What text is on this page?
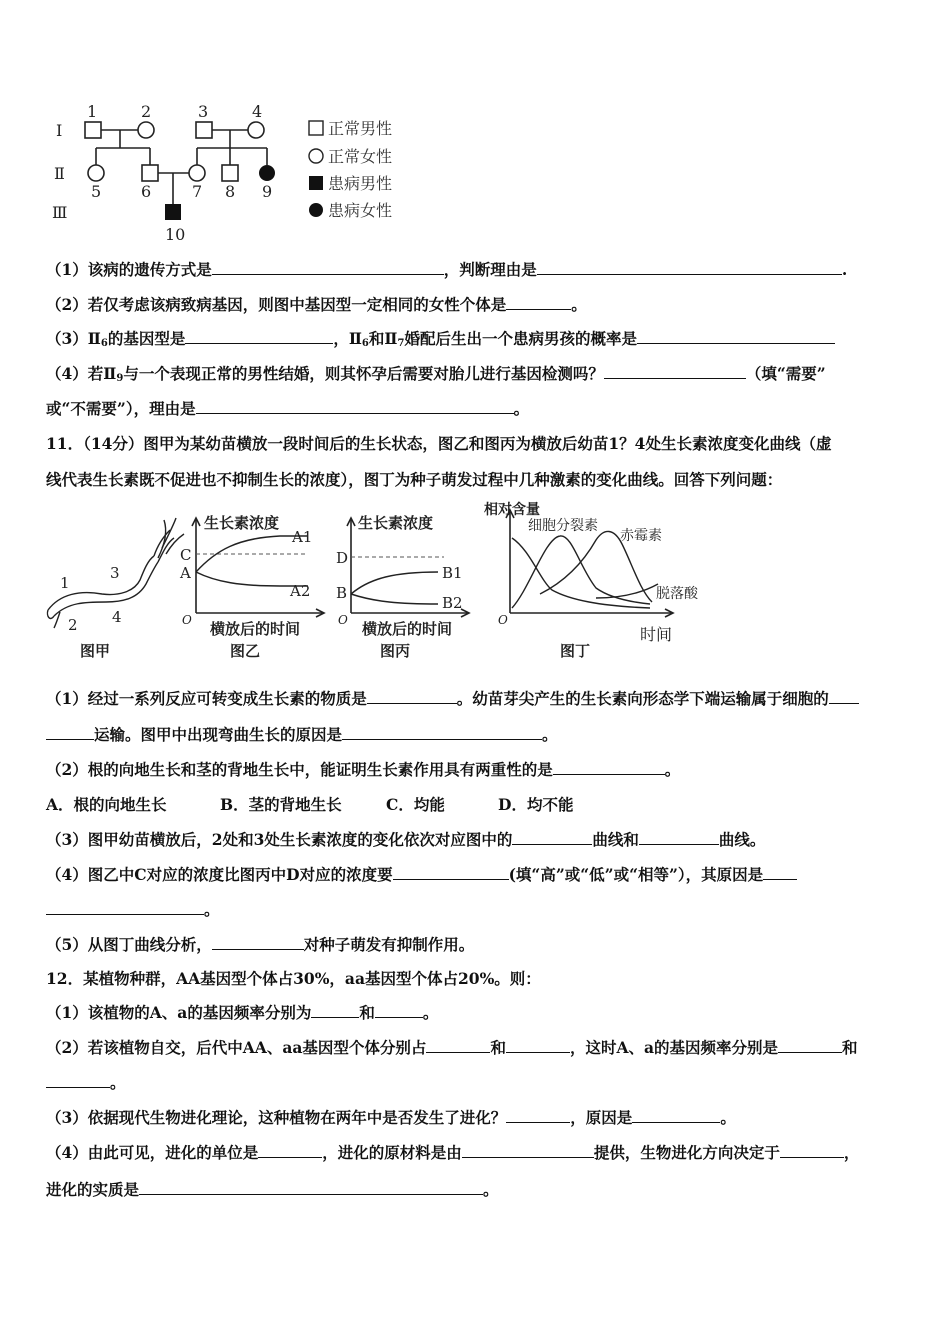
Ⅰ
Ⅱ
Ⅲ
1	2	3	4
5 6	7 8 9
10
正常男性
正常女性
患病男性
患病女性
（1）该病的遗传方式是	，判断理由是	.
（2）若仅考虑该病致病基因，则图中基因型一定相同的女性个体是	。
$(3)Ⅱ_6$的基因型是	，$Ⅱ_6$和$Ⅱ_7$婚配后生出一个患病男孩的概率是
（4）若$Ⅱ_9$与一个表现正常的男性结婚，则其怀孕后需要对胎儿进行基因检测吗？	（填“需要”
或“不需要”），理由是	。
11．（14分）图甲为某幼苗横放一段时间后的生长状态，图乙和图丙为横放后幼苗1？4处生长素浓度变化曲线（虚
线代表生长素既不促进也不抑制生长的浓度），图丁为种子萌发过程中几种激素的变化曲线。回答下列问题：
1
2
3
4
图甲
生长素浓度
C
A
A1
A2
O 横放后的时间
图乙
生长素浓度
D
B
B1
B2
O 横放后的时间
图丙
相对含量
细胞分裂素
赤霉素
脱落酸
O
时间
图丁
（1）经过一系列反应可转变成生长素的物质是	。幼苗芽尖产生的生长素向形态学下端运输属于细胞的
运输。图甲中出现弯曲生长的原因是	。
（2）根的向地生长和茎的背地生长中，能证明生长素作用具有两重性的是	。
A．根的向地生长	B．茎的背地生长	C．均能	D．均不能
（3）图甲幼苗横放后，2处和3处生长素浓度的变化依次对应图中的	曲线和	曲线。
（4）图乙中C对应的浓度比图丙中D对应的浓度要	(填“高”或“低”或“相等”），其原因是
。
（5）从图丁曲线分析，	对种子萌发有抑制作用。
12．某植物种群，AA基因型个体占30%，aa基因型个体占20%。则：
（1）该植物的A、a的基因频率分别为	和	。
（2）若该植物自交，后代中AA、aa基因型个体分别占	和	，这时A、a的基因频率分别是	和
。
（3）依据现代生物进化理论，这种植物在两年中是否发生了进化？	，原因是	。
（4）由此可见，进化的单位是	，进化的原材料是由	提供，生物进化方向决定于	，
进化的实质是	。
